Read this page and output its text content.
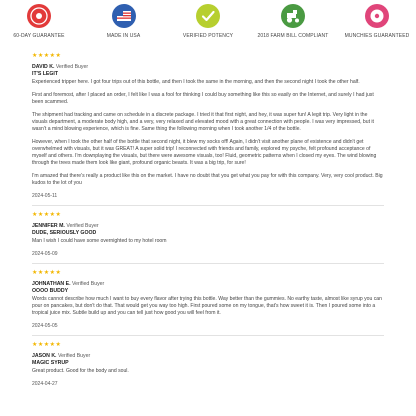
60-DAY GUARANTEE	MADE IN USA	VERIFIED POTENCY	2018 FARM BILL COMPLIANT	MUNCHIES GUARANTEED
★★★★★
DAVID K. Verified Buyer
IT'S LEGIT

Experienced tripper here. I got four trips out of this bottle, and then I took the same in the morning, and then the second night I took the other half.

First and foremost, after I placed an order, I felt like I was a fool for thinking I could buy something like this so easily on the Internet, and surely I had just been scammed.

The shipment had tracking and came on schedule in a discrete package. I tried it that first night, and hey, it was super fun! A legit trip. Very light in the visuals department, a moderate body high, and a very, very relaxed and elevated mood with a great connection with people. I was very impressed, but it wasn't a mind blowing experience, which is fine. Same thing the following morning when I took another 1/4 of the bottle.

However, when I took the other half of the bottle that second night, it blew my socks off! Again, I didn't visit another plane of existence and didn't get overwhelmed with visuals, but it was GREAT! A super solid trip! I reconnected with friends and family, explored my psyche, felt profound acceptance of myself and others. I'm downplaying the visuals, but there were awesome visuals, too! Fluid, geometric patterns when I closed my eyes. The wind blowing through the trees made them look like giant, profound organic beasts. It was a big trip, for sure!

I'm amazed that there's really a product like this on the market. I have no doubt that you get what you pay for with this company. Very, very cool product. Big kudos to the lot of you

2024-05-11
★★★★★
JENNIFER M. Verified Buyer
DUDE, SERIOUSLY GOOD

Man I wish I could have some overnighted to my hotel room

2024-05-09
★★★★★
JOHNATHAN E. Verified Buyer
OOOO BUDDY

Words cannot describe how much I want to buy every flavor after trying this bottle. Way better than the gummies. No earthy taste, almost like syrup you can pour on pancakes, but don't do that. That would get you way too high. First poured some on my tongue, that's how sweet it is. Then I poured some into a tropical juice mix. Subtle build up and you can tell just how good you will feel from it.

2024-05-05
★★★★★
JASON K. Verified Buyer
MAGIC SYRUP

Great product. Good for the body and soul.

2024-04-27
